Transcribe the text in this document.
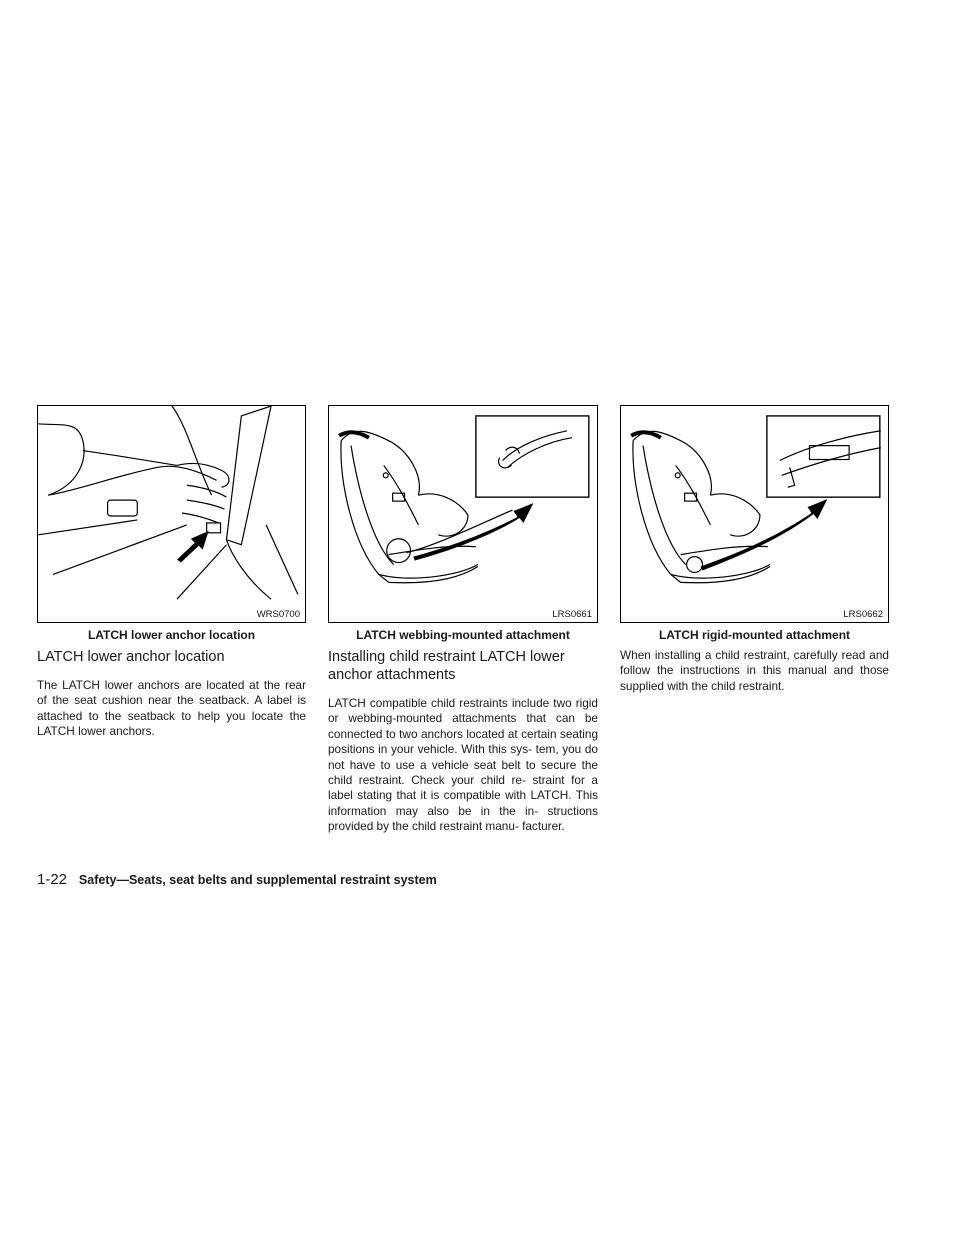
WRS0700
LATCH lower anchor location
LATCH lower anchor location

The LATCH lower anchors are located at the rear of the seat cushion near the seatback. A label is attached to the seatback to help you locate the LATCH lower anchors.

LRS0661
LATCH webbing-mounted attachment
Installing child restraint LATCH lower anchor attachments

LATCH compatible child restraints include two rigid or webbing-mounted attachments that can be connected to two anchors located at certain seating positions in your vehicle. With this sys- tem, you do not have to use a vehicle seat belt to secure the child restraint. Check your child re- straint for a label stating that it is compatible with LATCH. This information may also be in the in- structions provided by the child restraint manu- facturer.

LRS0662
LATCH rigid-mounted attachment

When installing a child restraint, carefully read and follow the instructions in this manual and those supplied with the child restraint.

1-22 Safety—Seats, seat belts and supplemental restraint system
